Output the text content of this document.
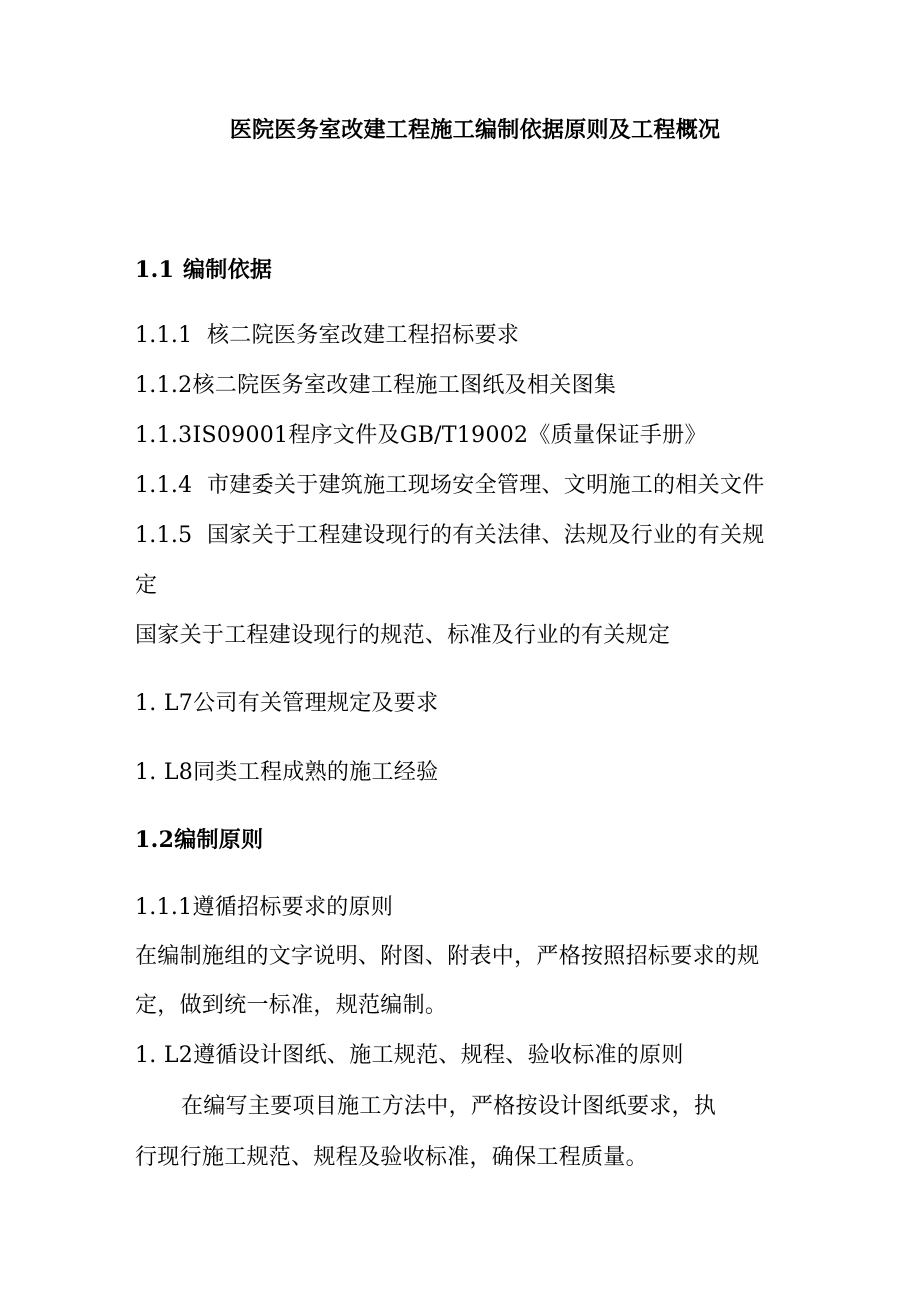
医院医务室改建工程施工编制依据原则及工程概况
1.1 编制依据
1.1.1 核二院医务室改建工程招标要求
1.1.2核二院医务室改建工程施工图纸及相关图集
1.1.3IS09001程序文件及GB/T19002《质量保证手册》
1.1.4 市建委关于建筑施工现场安全管理、文明施工的相关文件
1.1.5 国家关于工程建设现行的有关法律、法规及行业的有关规
定
国家关于工程建设现行的规范、标准及行业的有关规定
1. L7公司有关管理规定及要求
1. L8同类工程成熟的施工经验
1.2编制原则
1.1.1遵循招标要求的原则
在编制施组的文字说明、附图、附表中，严格按照招标要求的规
定，做到统一标准，规范编制。
1. L2遵循设计图纸、施工规范、规程、验收标准的原则
在编写主要项目施工方法中，严格按设计图纸要求，执
行现行施工规范、规程及验收标准，确保工程质量。
